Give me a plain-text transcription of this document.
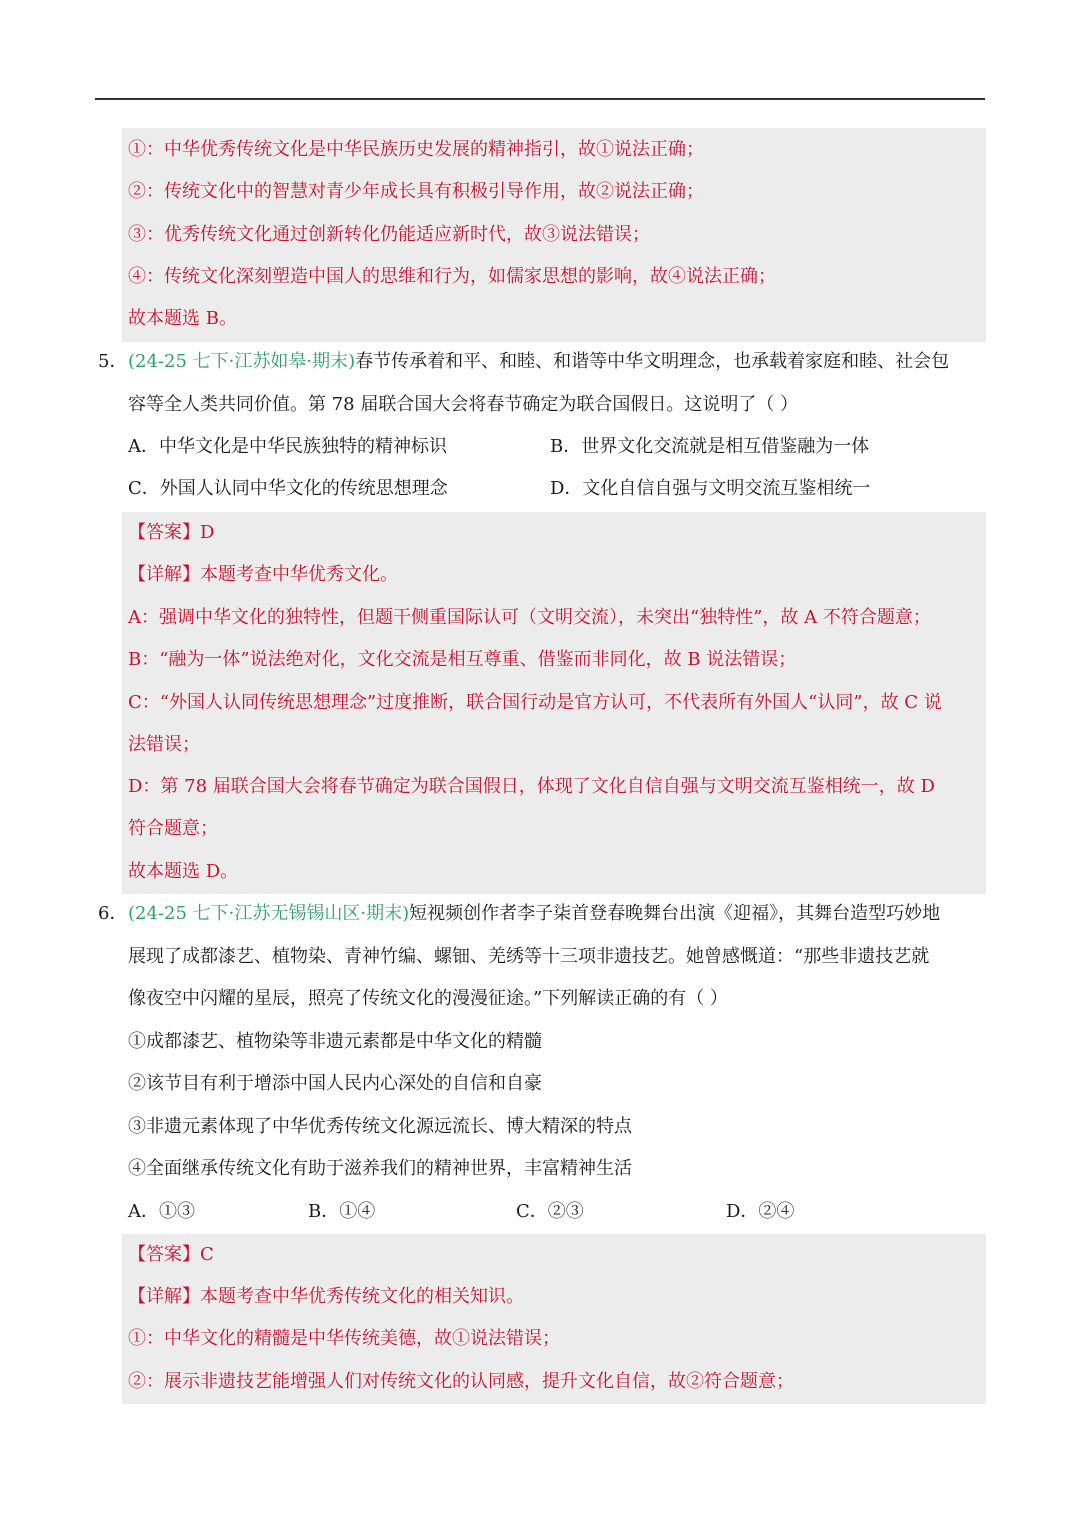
①：中华优秀传统文化是中华民族历史发展的精神指引，故①说法正确；
②：传统文化中的智慧对青少年成长具有积极引导作用，故②说法正确；
③：优秀传统文化通过创新转化仍能适应新时代，故③说法错误；
④：传统文化深刻塑造中国人的思维和行为，如儒家思想的影响，故④说法正确；
故本题选 B。
5． (24-25 七下·江苏如皋·期末)春节传承着和平、和睦、和谐等中华文明理念，也承载着家庭和睦、社会包
容等全人类共同价值。第 78 届联合国大会将春节确定为联合国假日。这说明了（ ）
A．中华文化是中华民族独特的精神标识	B．世界文化交流就是相互借鉴融为一体
C．外国人认同中华文化的传统思想理念	D．文化自信自强与文明交流互鉴相统一
【答案】D
【详解】本题考查中华优秀文化。
A：强调中华文化的独特性，但题干侧重国际认可（文明交流），未突出“独特性”，故 A 不符合题意；
B：“融为一体”说法绝对化，文化交流是相互尊重、借鉴而非同化，故 B 说法错误；
C：“外国人认同传统思想理念”过度推断，联合国行动是官方认可，不代表所有外国人“认同”，故 C 说
法错误；
D：第 78 届联合国大会将春节确定为联合国假日，体现了文化自信自强与文明交流互鉴相统一，故 D
符合题意；
故本题选 D。
6． (24-25 七下·江苏无锡锡山区·期末)短视频创作者李子柒首登春晚舞台出演《迎福》，其舞台造型巧妙地
展现了成都漆艺、植物染、青神竹编、螺钿、羌绣等十三项非遗技艺。她曾感慨道：“那些非遗技艺就
像夜空中闪耀的星辰，照亮了传统文化的漫漫征途。”下列解读正确的有（ ）
①成都漆艺、植物染等非遗元素都是中华文化的精髓
②该节目有利于增添中国人民内心深处的自信和自豪
③非遗元素体现了中华优秀传统文化源远流长、博大精深的特点
④全面继承传统文化有助于滋养我们的精神世界，丰富精神生活
A．①③	B．①④	C．②③	D．②④
【答案】C
【详解】本题考查中华优秀传统文化的相关知识。
①：中华文化的精髓是中华传统美德，故①说法错误；
②：展示非遗技艺能增强人们对传统文化的认同感，提升文化自信，故②符合题意；
